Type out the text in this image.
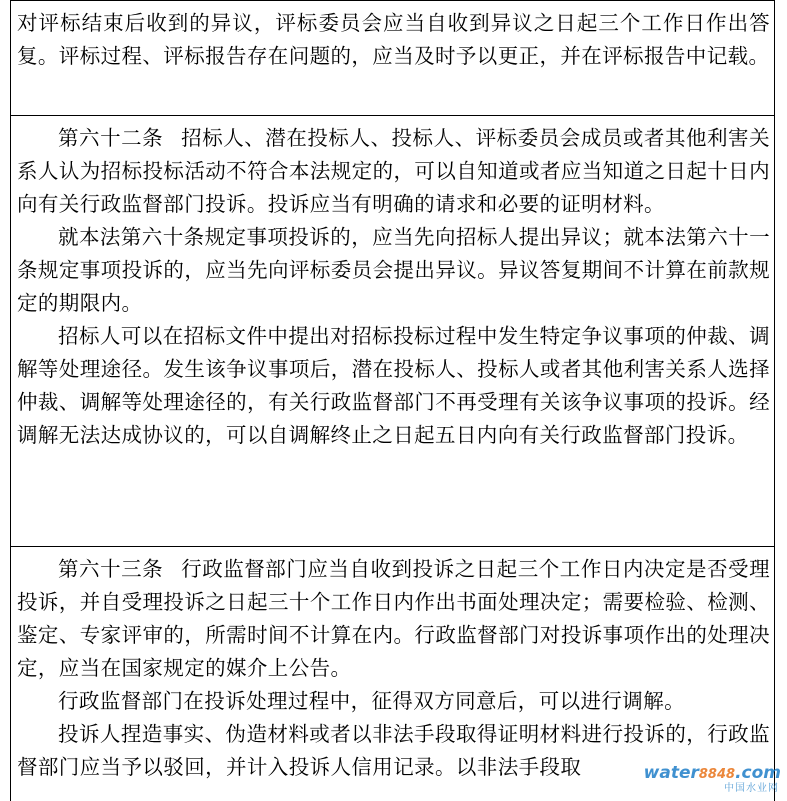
对评标结束后收到的异议，评标委员会应当自收到异议之日起三个工作日作出答复。评标过程、评标报告存在问题的，应当及时予以更正，并在评标报告中记载。

第六十二条 招标人、潜在投标人、投标人、评标委员会成员或者其他利害关系人认为招标投标活动不符合本法规定的，可以自知道或者应当知道之日起十日内向有关行政监督部门投诉。投诉应当有明确的请求和必要的证明材料。

就本法第六十条规定事项投诉的，应当先向招标人提出异议；就本法第六十一条规定事项投诉的，应当先向评标委员会提出异议。异议答复期间不计算在前款规定的期限内。

招标人可以在招标文件中提出对招标投标过程中发生特定争议事项的仲裁、调解等处理途径。发生该争议事项后，潜在投标人、投标人或者其他利害关系人选择仲裁、调解等处理途径的，有关行政监督部门不再受理有关该争议事项的投诉。经调解无法达成协议的，可以自调解终止之日起五日内向有关行政监督部门投诉。

第六十三条 行政监督部门应当自收到投诉之日起三个工作日内决定是否受理投诉，并自受理投诉之日起三十个工作日内作出书面处理决定；需要检验、检测、鉴定、专家评审的，所需时间不计算在内。行政监督部门对投诉事项作出的处理决定，应当在国家规定的媒介上公告。

行政监督部门在投诉处理过程中，征得双方同意后，可以进行调解。

投诉人捏造事实、伪造材料或者以非法手段取得证明材料进行投诉的，行政监督部门应当予以驳回，并计入投诉人信用记录。以非法手段取	water8848.com
中国水业网
